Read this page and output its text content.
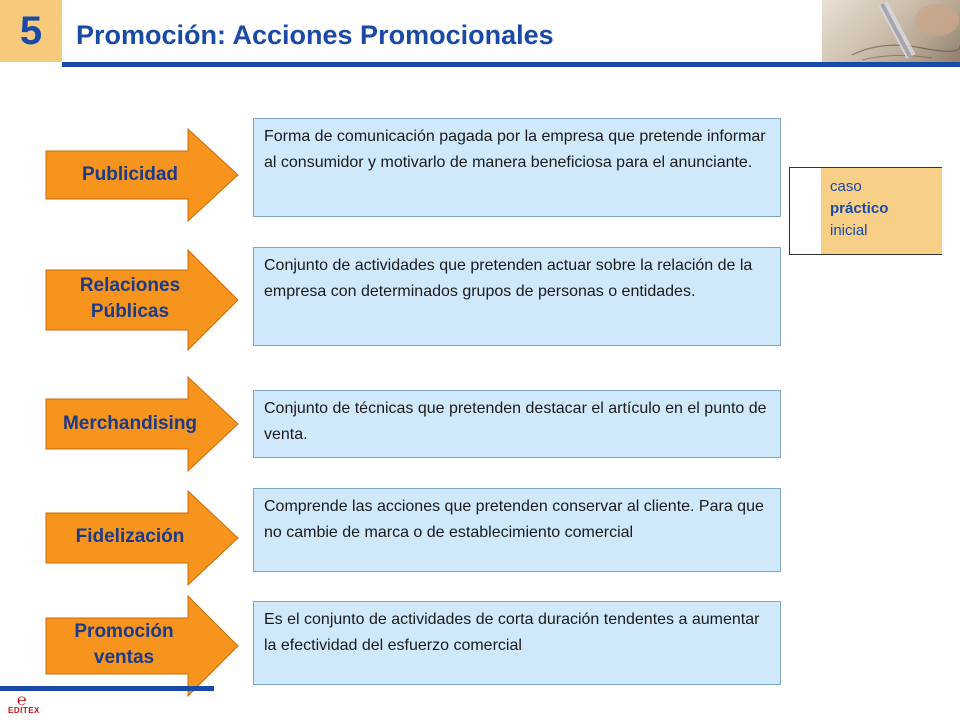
5 Promoción: Acciones Promocionales
Publicidad
Relaciones
Públicas
Merchandising
Fidelización
Promoción
ventas
Forma de comunicación pagada por la empresa que pretende informar al consumidor y motivarlo de manera beneficiosa para el anunciante.
Conjunto de actividades que pretenden actuar sobre la relación de la empresa con determinados grupos de personas o entidades.
Conjunto de técnicas que pretenden destacar el artículo en el punto de venta.
Comprende las acciones que pretenden conservar al cliente. Para que no cambie de marca o de establecimiento comercial
Es el conjunto de actividades de corta duración tendentes a aumentar la efectividad del esfuerzo comercial
caso
práctico
inicial
℮
EDITEX
